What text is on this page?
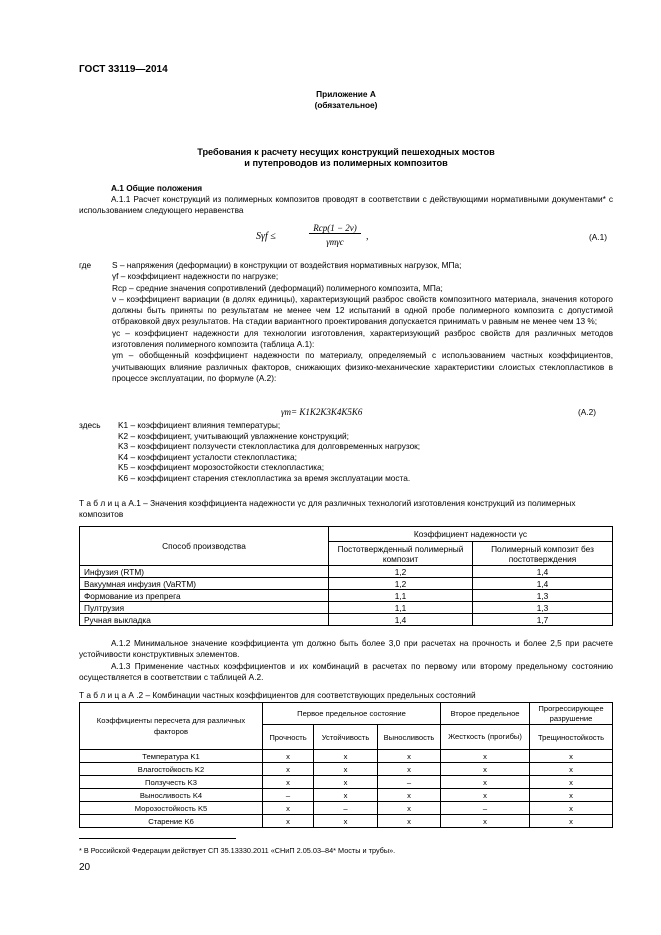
ГОСТ 33119—2014
Приложение А
(обязательное)
Требования к расчету несущих конструкций пешеходных мостов
и путепроводов из полимерных композитов
А.1 Общие положения
А.1.1 Расчет конструкций из полимерных композитов проводят в соответствии с действующими нормативными документами* с использованием следующего неравенства
Sγf ≤
Rср(1 − 2ν)
γmγc	,	(А.1)
где	S – напряжения (деформации) в конструкции от воздействия нормативных нагрузок, МПа;
γf – коэффициент надежности по нагрузке;
Rср – средние значения сопротивлений (деформаций) полимерного композита, МПа;
ν – коэффициент вариации (в долях единицы), характеризующий разброс свойств композитного материала, значения которого должны быть приняты по результатам не менее чем 12 испытаний в одной пробе полимерного композита с допустимой отбраковкой двух результатов. На стадии вариантного проектирования допускается принимать ν равным не менее чем 13 %;
γc – коэффициент надежности для технологии изготовления, характеризующий разброс свойств для различных методов изготовления полимерного композита (таблица А.1):
γm – обобщенный коэффициент надежности по материалу, определяемый с использованием частных коэффициентов, учитывающих влияние различных факторов, снижающих физико-механические характеристики слоистых стеклопластиков в процессе эксплуатации, по формуле (А.2):
γm= K1K2K3K4K5K6	(А.2)
здесь K1 – коэффициент влияния температуры;
K2 – коэффициент, учитывающий увлажнение конструкций;
K3 – коэффициент ползучести стеклопластика для долговременных нагрузок;
K4 – коэффициент усталости стеклопластика;
K5 – коэффициент морозостойкости стеклопластика;
K6 – коэффициент старения стеклопластика за время эксплуатации моста.
Т а б л и ц а А.1 – Значения коэффициента надежности γc для различных технологий изготовления конструкций из полимерных композитов
Способ производства	Коэффициент надежности γc	
	Постотвержденный полимерный композит	Полимерный композит без постотверждения
Инфузия (RTM)	1,2	1,4
Вакуумная инфузия (VaRTM)	1,2	1,4
Формование из препрега	1,1	1,3
Пултрузия	1,1	1,3
Ручная выкладка	1,4	1,7
А.1.2 Минимальное значение коэффициента γm должно быть более 3,0 при расчетах на прочность и более 2,5 при расчете устойчивости конструктивных элементов.
А.1.3 Применение частных коэффициентов и их комбинаций в расчетах по первому или второму предельному состоянию осуществляется в соответствии с таблицей А.2.
Т а б л и ц а А .2 – Комбинации частных коэффициентов для соответствующих предельных состояний
Коэффициенты пересчета для различных факторов	Первое предельное состояние			Второе предельное	Прогрессирующее разрушение
	Прочность	Устойчивость	Выносливость	Жесткость (прогибы)	Трещиностойкость
Температура K1	x	x	x	x	x
Влагостойкость K2	x	x	x	x	x
Ползучесть K3	x	x	–	x	x
Выносливость K4	–	x	x	x	x
Морозостойкость K5	x	–	x	–	x
Старение K6	x	x	x	x	x
* В Российской Федерации действует СП 35.13330.2011 «СНиП 2.05.03–84* Мосты и трубы».
20
